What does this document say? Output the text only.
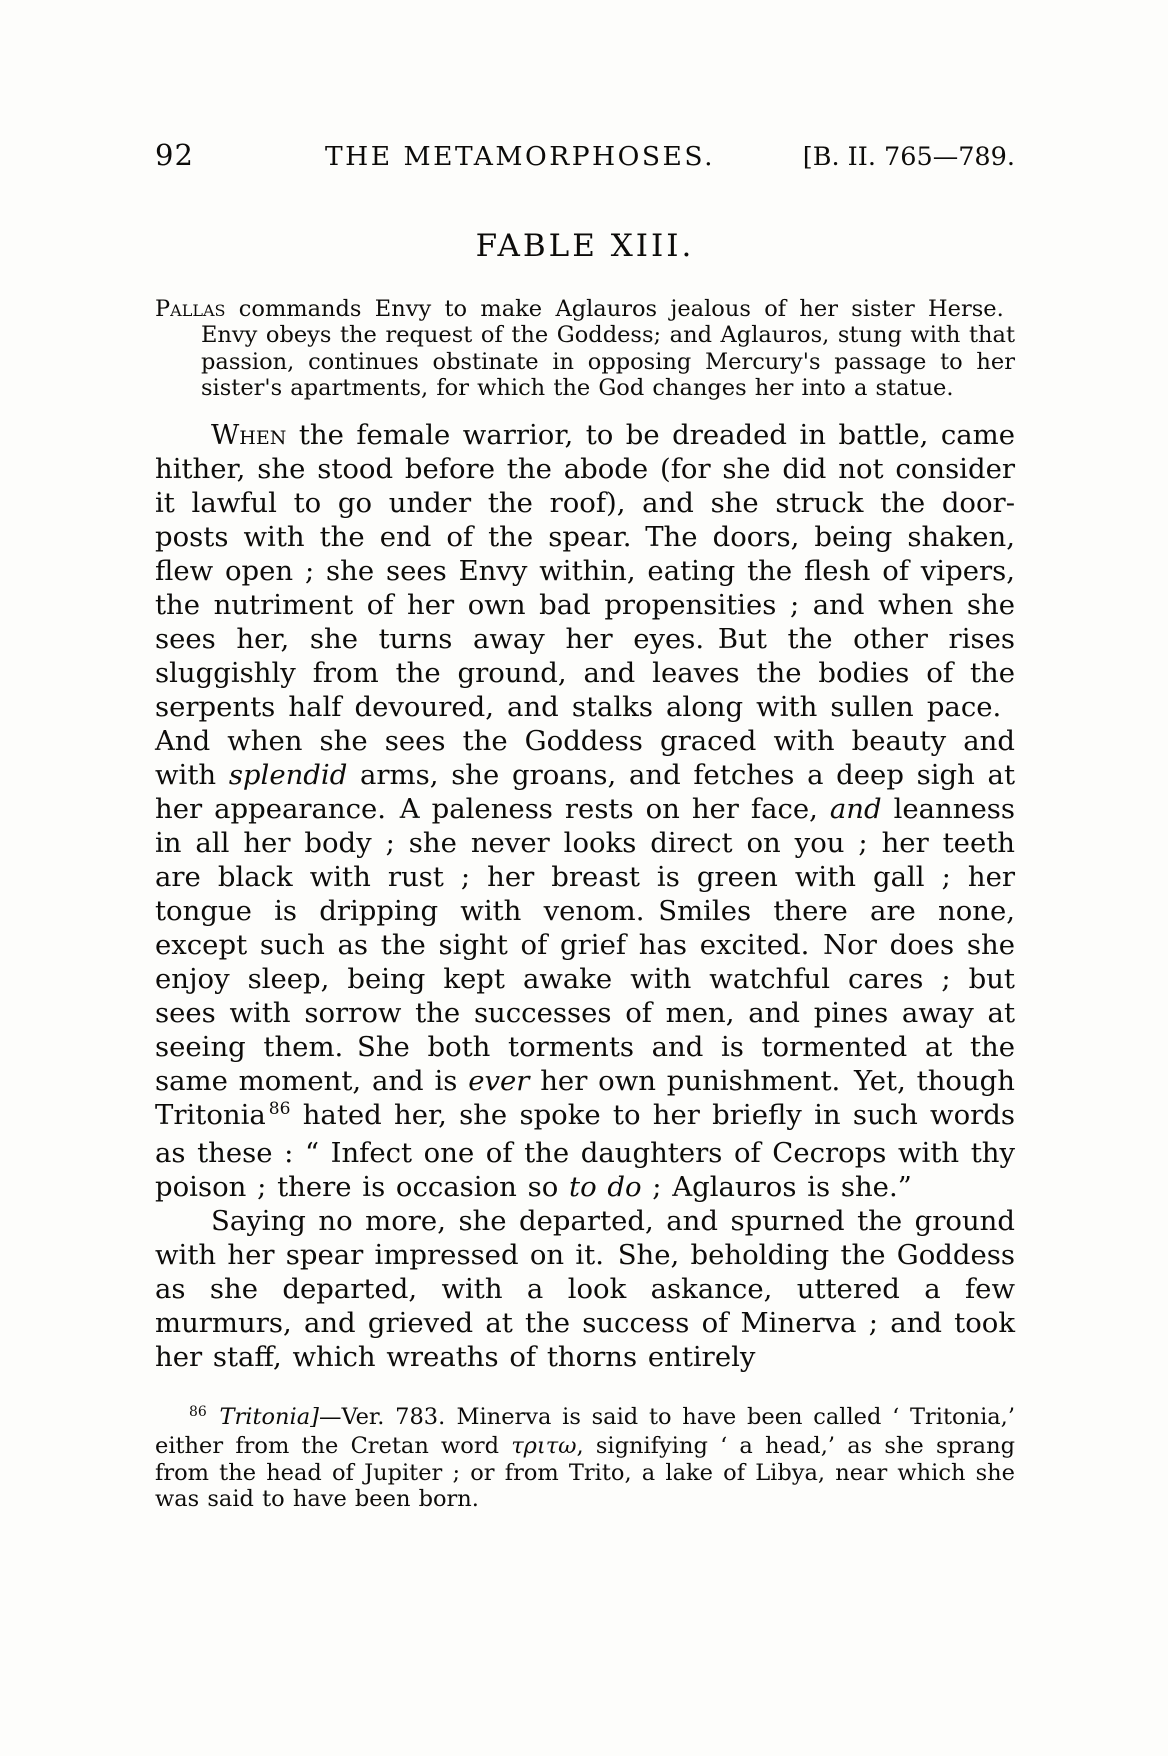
92	THE METAMORPHOSES.	[B. II. 765—789.
FABLE XIII.

Pallas commands Envy to make Aglauros jealous of her sister Herse. Envy obeys the request of the Goddess; and Aglauros, stung with that passion, continues obstinate in opposing Mercury's passage to her sister's apartments, for which the God changes her into a statue.

When the female warrior, to be dreaded in battle, came hither, she stood before the abode (for she did not consider it lawful to go under the roof), and she struck the door-posts with the end of the spear. The doors, being shaken, flew open ; she sees Envy within, eating the flesh of vipers, the nutriment of her own bad propensities ; and when she sees her, she turns away her eyes. But the other rises sluggishly from the ground, and leaves the bodies of the serpents half devoured, and stalks along with sullen pace. And when she sees the Goddess graced with beauty and with splendid arms, she groans, and fetches a deep sigh at her appearance. A paleness rests on her face, and leanness in all her body ; she never looks direct on you ; her teeth are black with rust ; her breast is green with gall ; her tongue is dripping with venom. Smiles there are none, except such as the sight of grief has excited. Nor does she enjoy sleep, being kept awake with watchful cares ; but sees with sorrow the successes of men, and pines away at seeing them. She both torments and is tormented at the same moment, and is ever her own punishment. Yet, though Tritonia $^{86}$ hated her, she spoke to her briefly in such words as these : “ Infect one of the daughters of Cecrops with thy poison ; there is occasion so to do ; Aglauros is she.”

Saying no more, she departed, and spurned the ground with her spear impressed on it. She, beholding the Goddess as she departed, with a look askance, uttered a few murmurs, and grieved at the success of Minerva ; and took her staff, which wreaths of thorns entirely

$^{86}$ Tritonia]—Ver. 783. Minerva is said to have been called ‘ Tritonia,’ either from the Cretan word τριτω, signifying ‘ a head,’ as she sprang from the head of Jupiter ; or from Trito, a lake of Libya, near which she was said to have been born.
